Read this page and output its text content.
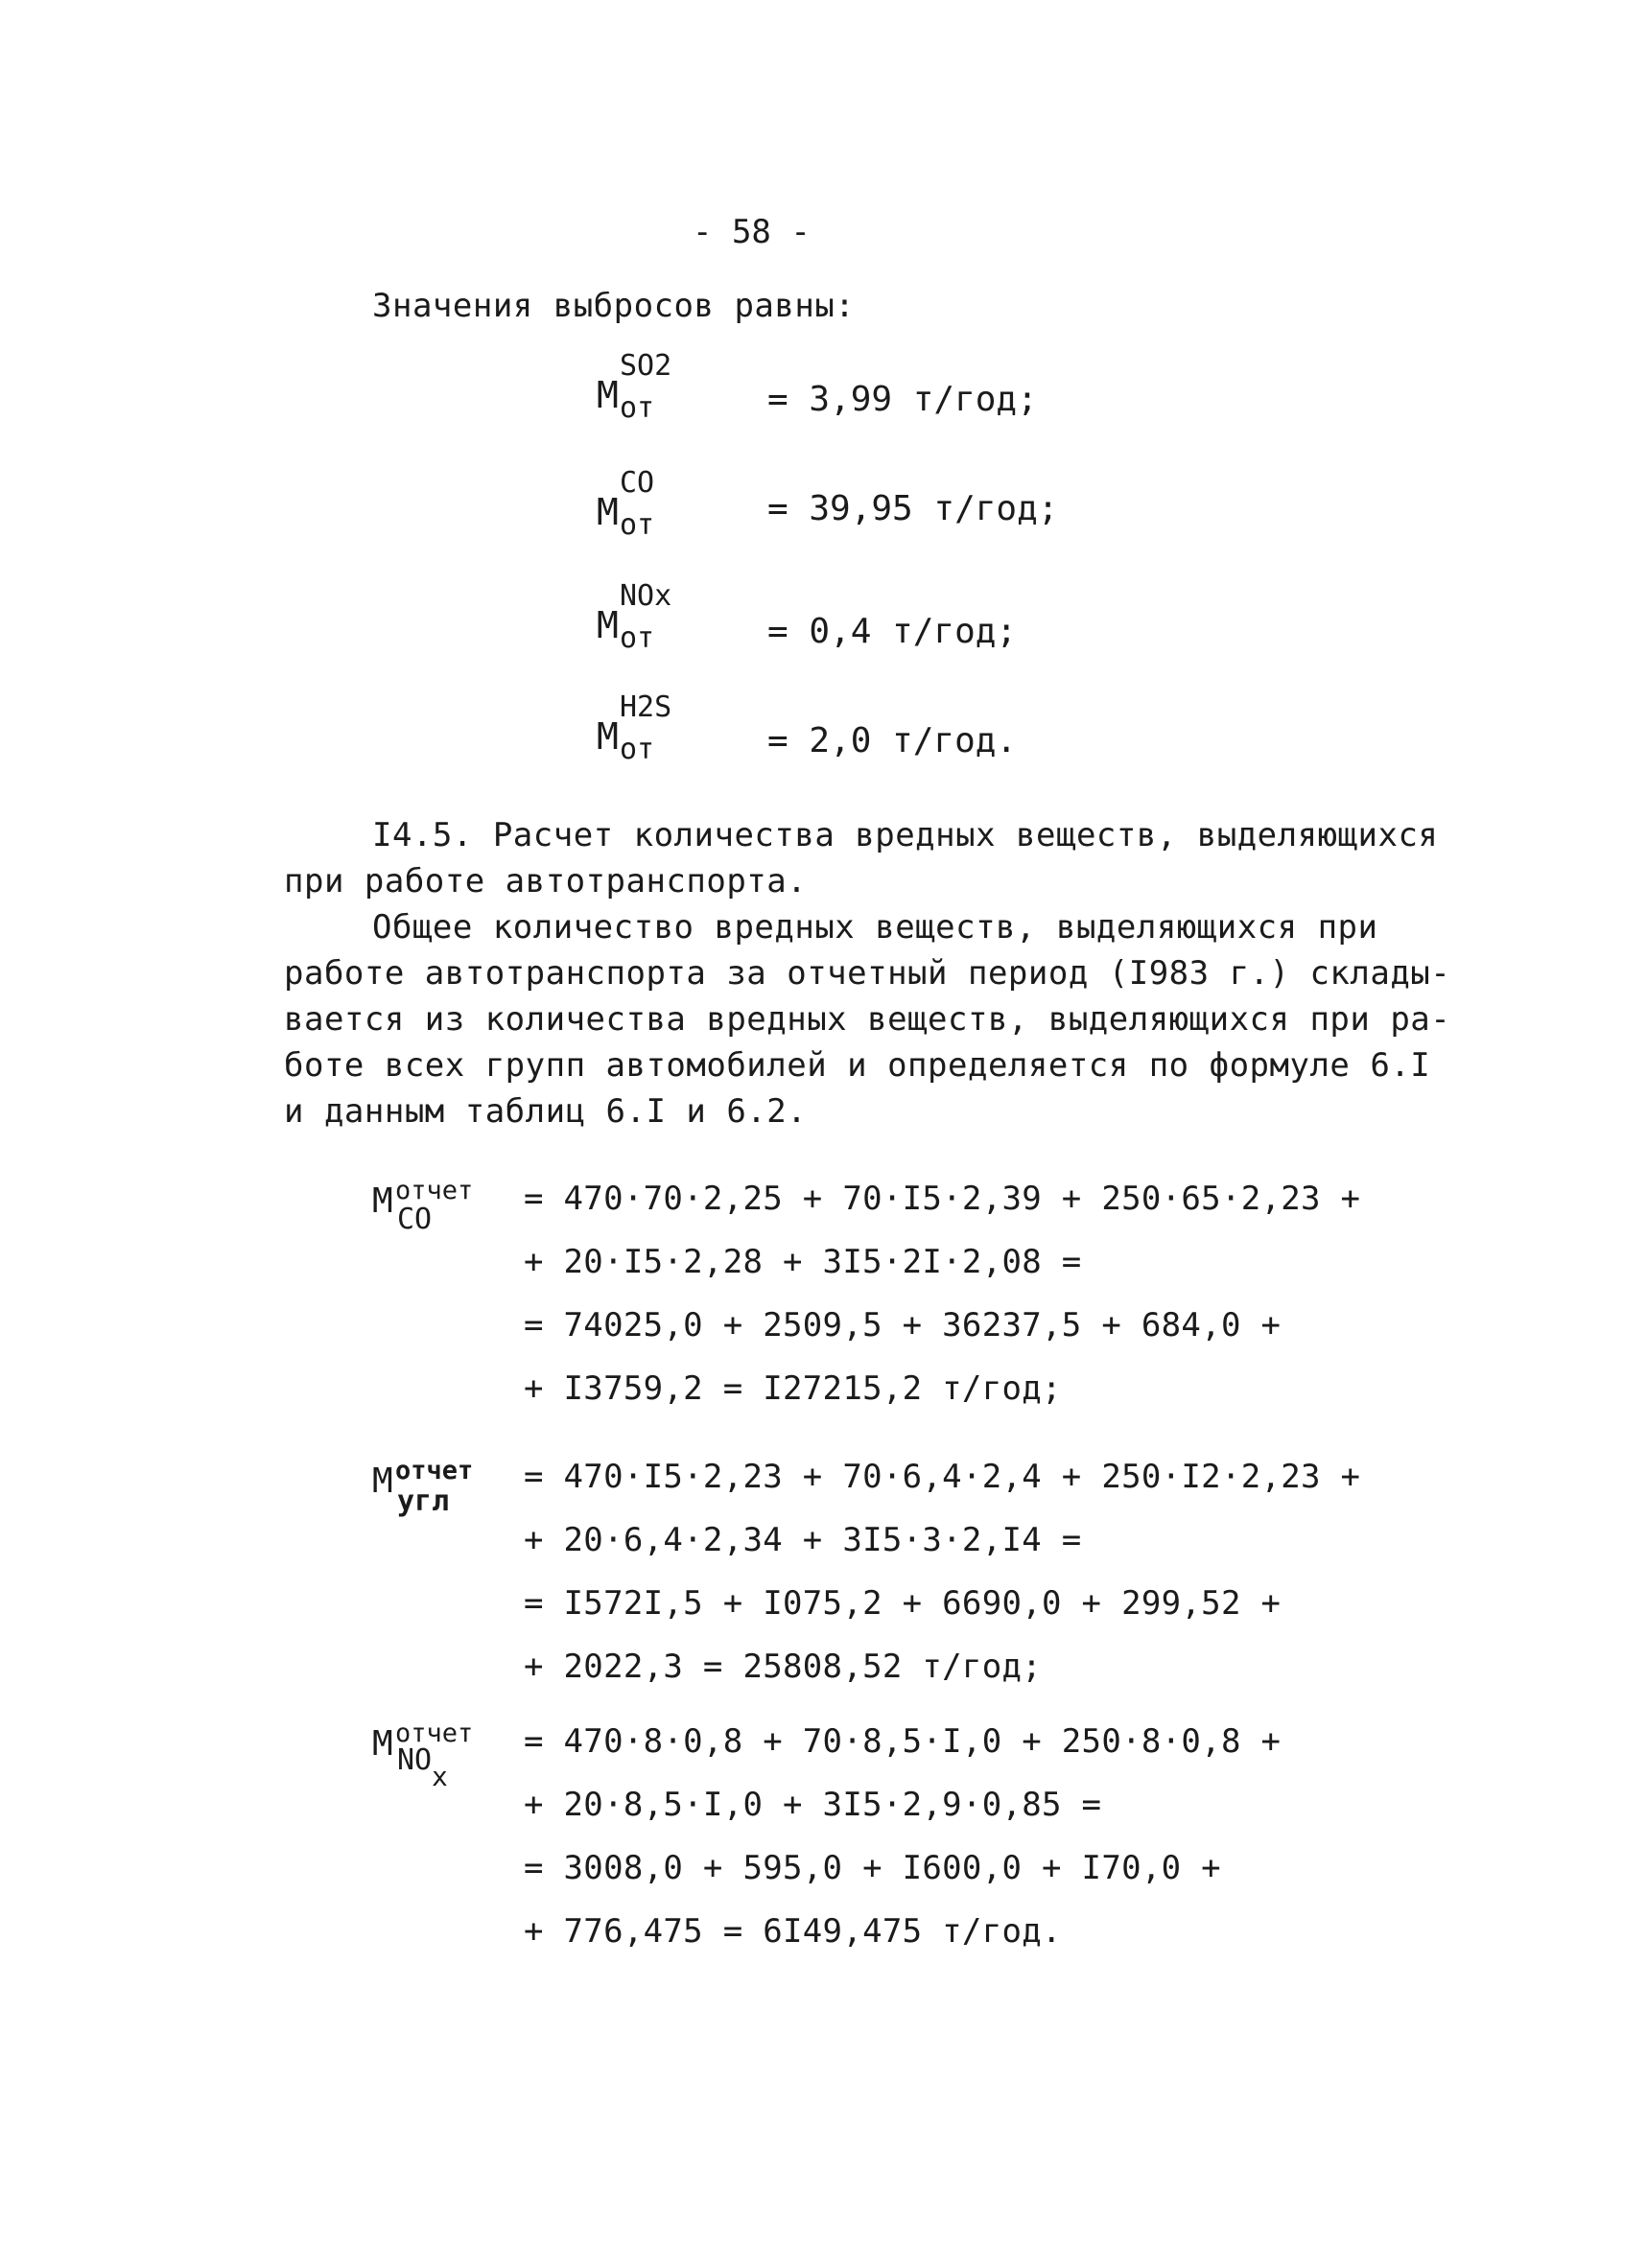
- 58 -
Значения выбросов равны:
M
SO2
от	= 3,99 т/год;
M
CO
от	= 39,95 т/год;
M
NOx
от	= 0,4 т/год;
M
H2S
от	= 2,0 т/год.
I4.5. Расчет количества вредных веществ, выделяющихся
при работе автотранспорта.
Общее количество вредных веществ, выделяющихся при
работе автотранспорта за отчетный период (I983 г.) склады-
вается из количества вредных веществ, выделяющихся при ра-
боте всех групп автомобилей и определяется по формуле 6.I
и данным таблиц 6.I и 6.2.
M отчет
CO
= 470·70·2,25 + 70·I5·2,39 + 250·65·2,23 +
+ 20·I5·2,28 + 3I5·2I·2,08 =
= 74025,0 + 2509,5 + 36237,5 + 684,0 +
+ I3759,2 = I27215,2 т/год;
M отчет
угл
= 470·I5·2,23 + 70·6,4·2,4 + 250·I2·2,23 +
+ 20·6,4·2,34 + 3I5·3·2,I4 =
= I572I,5 + I075,2 + 6690,0 + 299,52 +
+ 2022,3 = 25808,52 т/год;
M отчет
NO x
= 470·8·0,8 + 70·8,5·I,0 + 250·8·0,8 +
+ 20·8,5·I,0 + 3I5·2,9·0,85 =
= 3008,0 + 595,0 + I600,0 + I70,0 +
+ 776,475 = 6I49,475 т/год.
